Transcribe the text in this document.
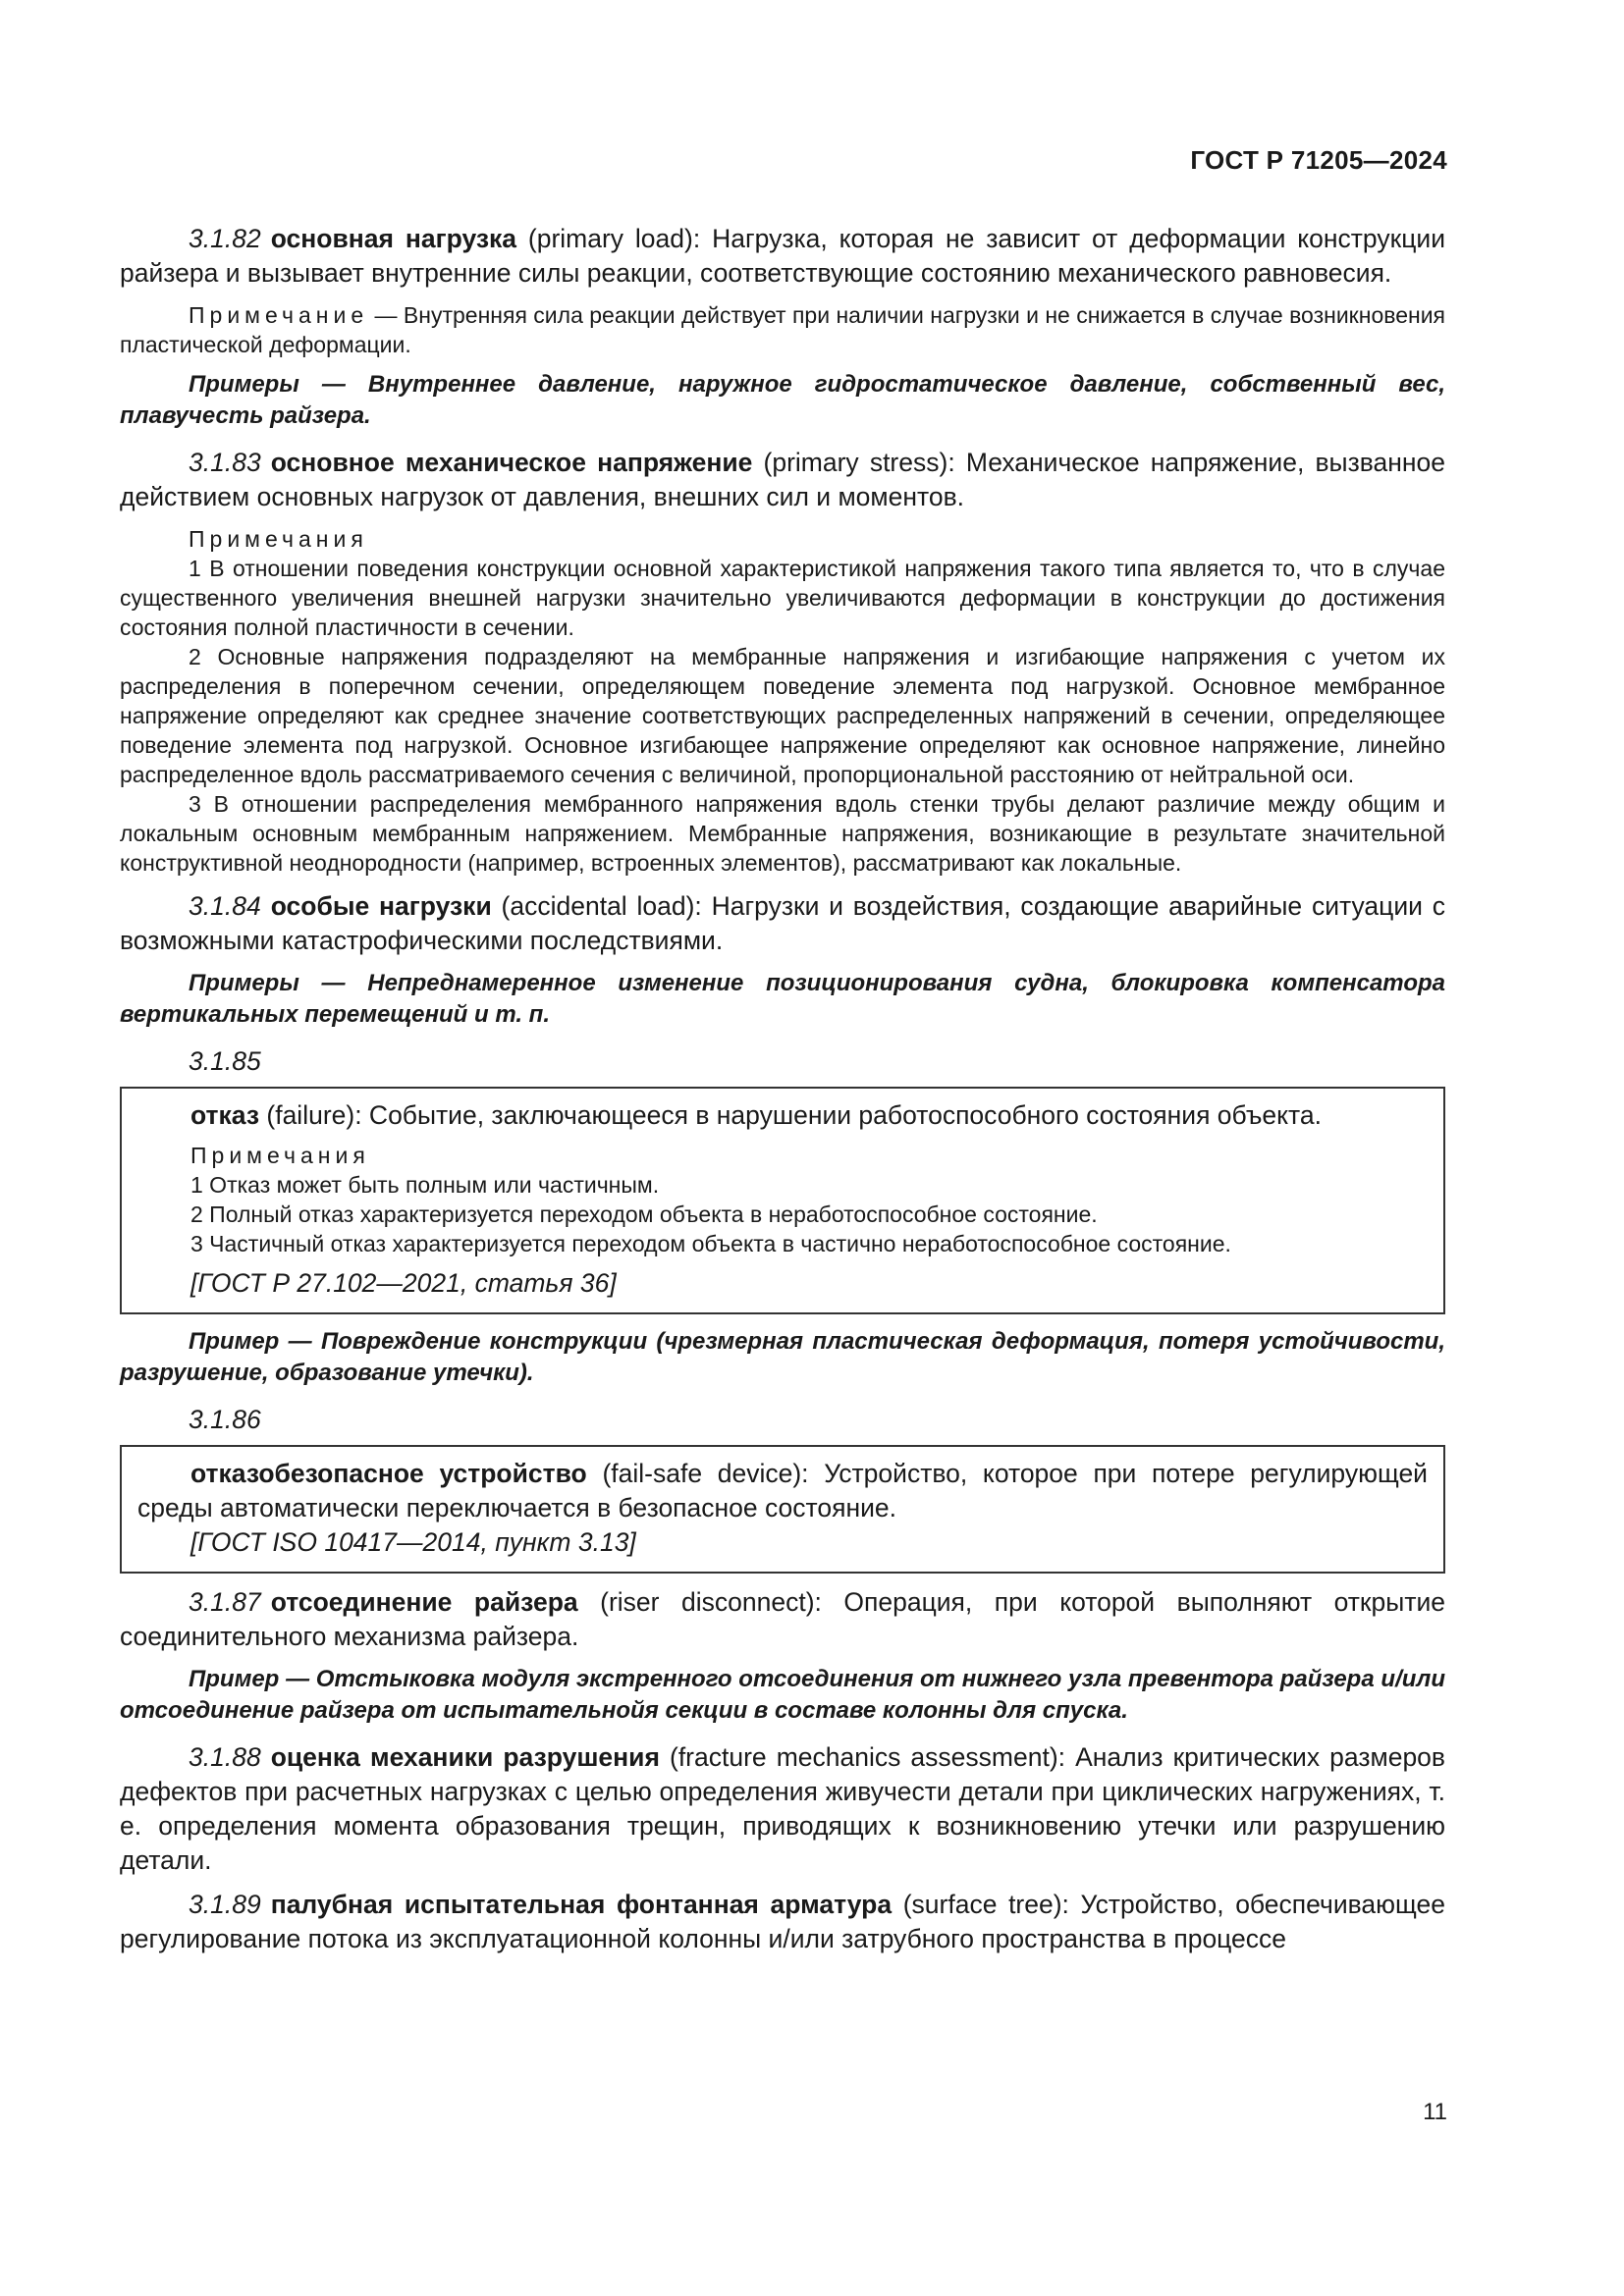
ГОСТ Р 71205—2024

3.1.82 основная нагрузка (primary load): Нагрузка, которая не зависит от деформации конструкции райзера и вызывает внутренние силы реакции, соответствующие состоянию механического равновесия.

Примечание — Внутренняя сила реакции действует при наличии нагрузки и не снижается в случае возникновения пластической деформации.

Примеры — Внутреннее давление, наружное гидростатическое давление, собственный вес, плавучесть райзера.

3.1.83 основное механическое напряжение (primary stress): Механическое напряжение, вызванное действием основных нагрузок от давления, внешних сил и моментов.

Примечания

1 В отношении поведения конструкции основной характеристикой напряжения такого типа является то, что в случае существенного увеличения внешней нагрузки значительно увеличиваются деформации в конструкции до достижения состояния полной пластичности в сечении.

2 Основные напряжения подразделяют на мембранные напряжения и изгибающие напряжения с учетом их распределения в поперечном сечении, определяющем поведение элемента под нагрузкой. Основное мембранное напряжение определяют как среднее значение соответствующих распределенных напряжений в сечении, определяющее поведение элемента под нагрузкой. Основное изгибающее напряжение определяют как основное напряжение, линейно распределенное вдоль рассматриваемого сечения с величиной, пропорциональной расстоянию от нейтральной оси.

3 В отношении распределения мембранного напряжения вдоль стенки трубы делают различие между общим и локальным основным мембранным напряжением. Мембранные напряжения, возникающие в результате значительной конструктивной неоднородности (например, встроенных элементов), рассматривают как локальные.

3.1.84 особые нагрузки (accidental load): Нагрузки и воздействия, создающие аварийные ситуации с возможными катастрофическими последствиями.

Примеры — Непреднамеренное изменение позиционирования судна, блокировка компенсатора вертикальных перемещений и т. п.

3.1.85

отказ (failure): Событие, заключающееся в нарушении работоспособного состояния объекта.

Примечания

1 Отказ может быть полным или частичным.

2 Полный отказ характеризуется переходом объекта в неработоспособное состояние.

3 Частичный отказ характеризуется переходом объекта в частично неработоспособное состояние.

[ГОСТ Р 27.102—2021, статья 36]

Пример — Повреждение конструкции (чрезмерная пластическая деформация, потеря устойчивости, разрушение, образование утечки).

3.1.86

отказобезопасное устройство (fail-safe device): Устройство, которое при потере регулирующей среды автоматически переключается в безопасное состояние.

[ГОСТ ISO 10417—2014, пункт 3.13]

3.1.87 отсоединение райзера (riser disconnect): Операция, при которой выполняют открытие соединительного механизма райзера.

Пример — Отстыковка модуля экстренного отсоединения от нижнего узла превентора райзера и/или отсоединение райзера от испытательнойя секции в составе колонны для спуска.

3.1.88 оценка механики разрушения (fracture mechanics assessment): Анализ критических размеров дефектов при расчетных нагрузках с целью определения живучести детали при циклических нагружениях, т. е. определения момента образования трещин, приводящих к возникновению утечки или разрушению детали.

3.1.89 палубная испытательная фонтанная арматура (surface tree): Устройство, обеспечивающее регулирование потока из эксплуатационной колонны и/или затрубного пространства в процессе

11
